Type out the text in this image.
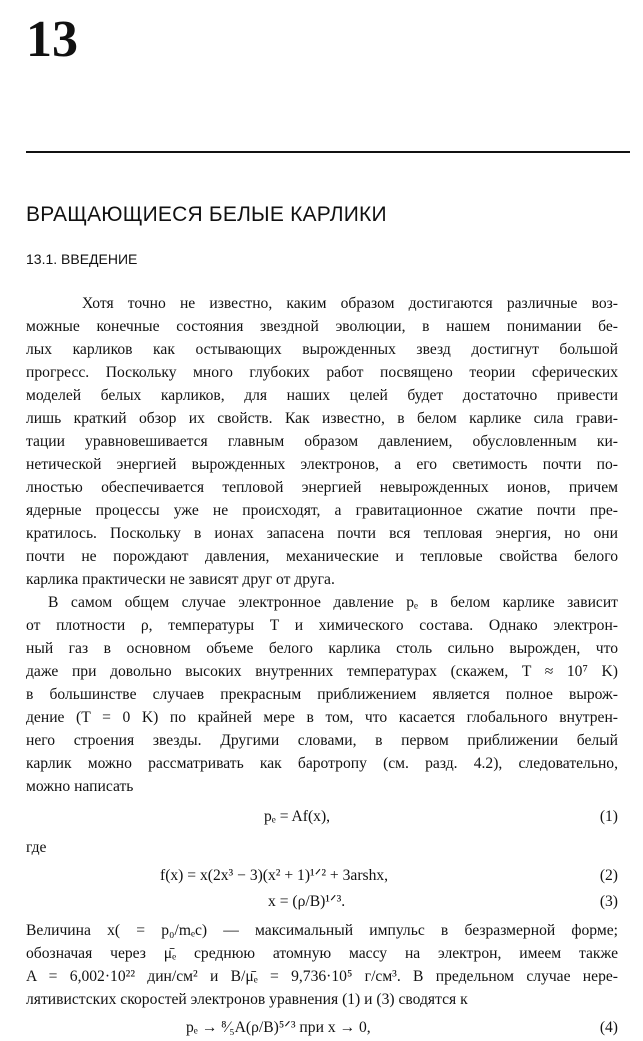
13
ВРАЩАЮЩИЕСЯ БЕЛЫЕ КАРЛИКИ
13.1. ВВЕДЕНИЕ
Хотя точно не известно, каким образом достигаются различные воз-
можные конечные состояния звездной эволюции, в нашем понимании бе-
лых карликов как остывающих вырожденных звезд достигнут большой
прогресс. Поскольку много глубоких работ посвящено теории сферических
моделей белых карликов, для наших целей будет достаточно привести
лишь краткий обзор их свойств. Как известно, в белом карлике сила грави-
тации уравновешивается главным образом давлением, обусловленным ки-
нетической энергией вырожденных электронов, а его светимость почти по-
лностью обеспечивается тепловой энергией невырожденных ионов, причем
ядерные процессы уже не происходят, а гравитационное сжатие почти пре-
кратилось. Поскольку в ионах запасена почти вся тепловая энергия, но они
почти не порождают давления, механические и тепловые свойства белого
карлика практически не зависят друг от друга.
В самом общем случае электронное давление pₑ в белом карлике зависит
от плотности ρ, температуры T и химического состава. Однако электрон-
ный газ в основном объеме белого карлика столь сильно вырожден, что
даже при довольно высоких внутренних температурах (скажем, T ≈ 10⁷ K)
в большинстве случаев прекрасным приближением является полное вырож-
дение (T = 0 K) по крайней мере в том, что касается глобального внутрен-
него строения звезды. Другими словами, в первом приближении белый
карлик можно рассматривать как баротропу (см. разд. 4.2), следовательно,
можно написать
pₑ = Af(x),	(1)
где
f(x) = x(2x³ − 3)(x² + 1)¹ᐟ² + 3arshx,	(2)
x = (ρ/B)¹ᐟ³.	(3)
Величина x( = p₀/mₑc) — максимальный импульс в безразмерной форме;
обозначая через μ̄ₑ среднюю атомную массу на электрон, имеем также
A = 6,002·10²² дин/см² и B/μ̄ₑ = 9,736·10⁵ г/см³. В предельном случае нере-
лятивистских скоростей электронов уравнения (1) и (3) сводятся к
pₑ → ⁸⁄₅A(ρ/B)⁵ᐟ³ при x → 0,	(4)
